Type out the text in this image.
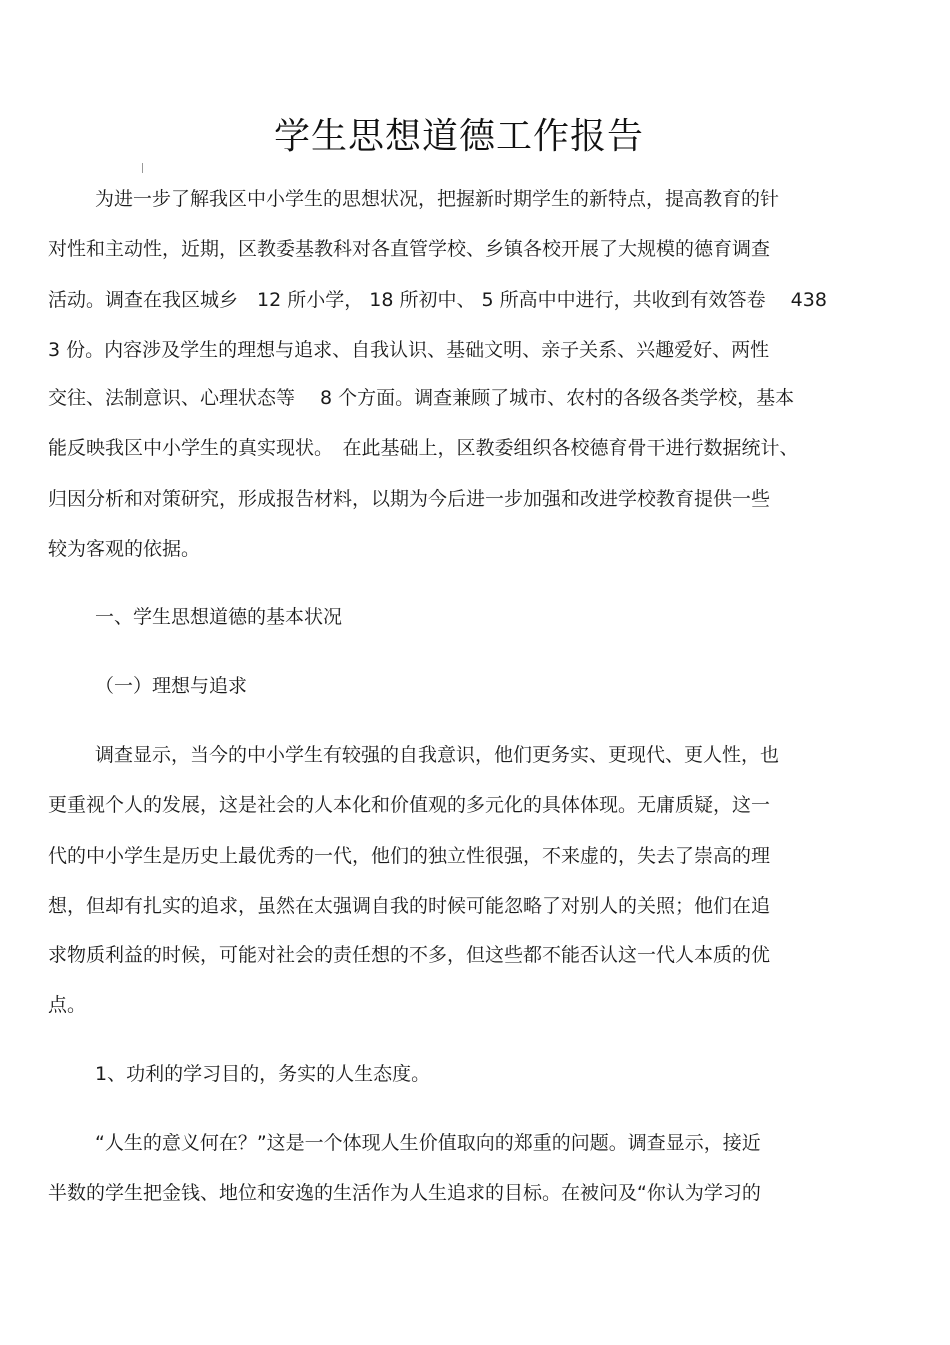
学生思想道德工作报告
为进一步了解我区中小学生的思想状况，把握新时期学生的新特点，提高教育的针
对性和主动性，近期，区教委基教科对各直管学校、乡镇各校开展了大规模的德育调查
活动。调查在我区城乡　12 所小学， 18 所初中、 5 所高中中进行，共收到有效答卷　 438
3 份。内容涉及学生的理想与追求、自我认识、基础文明、亲子关系、兴趣爱好、两性
交往、法制意识、心理状态等　 8 个方面。调查兼顾了城市、农村的各级各类学校，基本
能反映我区中小学生的真实现状。　在此基础上，区教委组织各校德育骨干进行数据统计、
归因分析和对策研究，形成报告材料，以期为今后进一步加强和改进学校教育提供一些
较为客观的依据。
一、学生思想道德的基本状况
（一）理想与追求
调查显示，当今的中小学生有较强的自我意识，他们更务实、更现代、更人性，也
更重视个人的发展，这是社会的人本化和价值观的多元化的具体体现。无庸质疑，这一
代的中小学生是历史上最优秀的一代，他们的独立性很强，不来虚的，失去了崇高的理
想，但却有扎实的追求，虽然在太强调自我的时候可能忽略了对别人的关照；他们在追
求物质利益的时候，可能对社会的责任想的不多，但这些都不能否认这一代人本质的优
点。
1、功利的学习目的，务实的人生态度。
“人生的意义何在？”这是一个体现人生价值取向的郑重的问题。调查显示，接近
半数的学生把金钱、地位和安逸的生活作为人生追求的目标。在被问及“你认为学习的
